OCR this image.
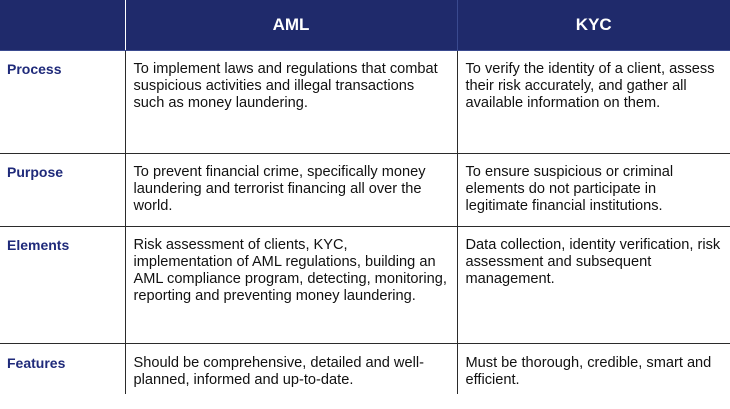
	AML	KYC
Process	To implement laws and regulations that combat suspicious activities and illegal transactions such as money laundering.	To verify the identity of a client, assess their risk accurately, and gather all available information on them.
Purpose	To prevent financial crime, specifically money laundering and terrorist financing all over the world.	To ensure suspicious or criminal elements do not participate in legitimate financial institutions.
Elements	Risk assessment of clients, KYC, implementation of AML regulations, building an AML compliance program, detecting, monitoring, reporting and preventing money laundering.	Data collection, identity verification, risk assessment and subsequent management.
Features	Should be comprehensive, detailed and well-planned, informed and up-to-date.	Must be thorough, credible, smart and efficient.
